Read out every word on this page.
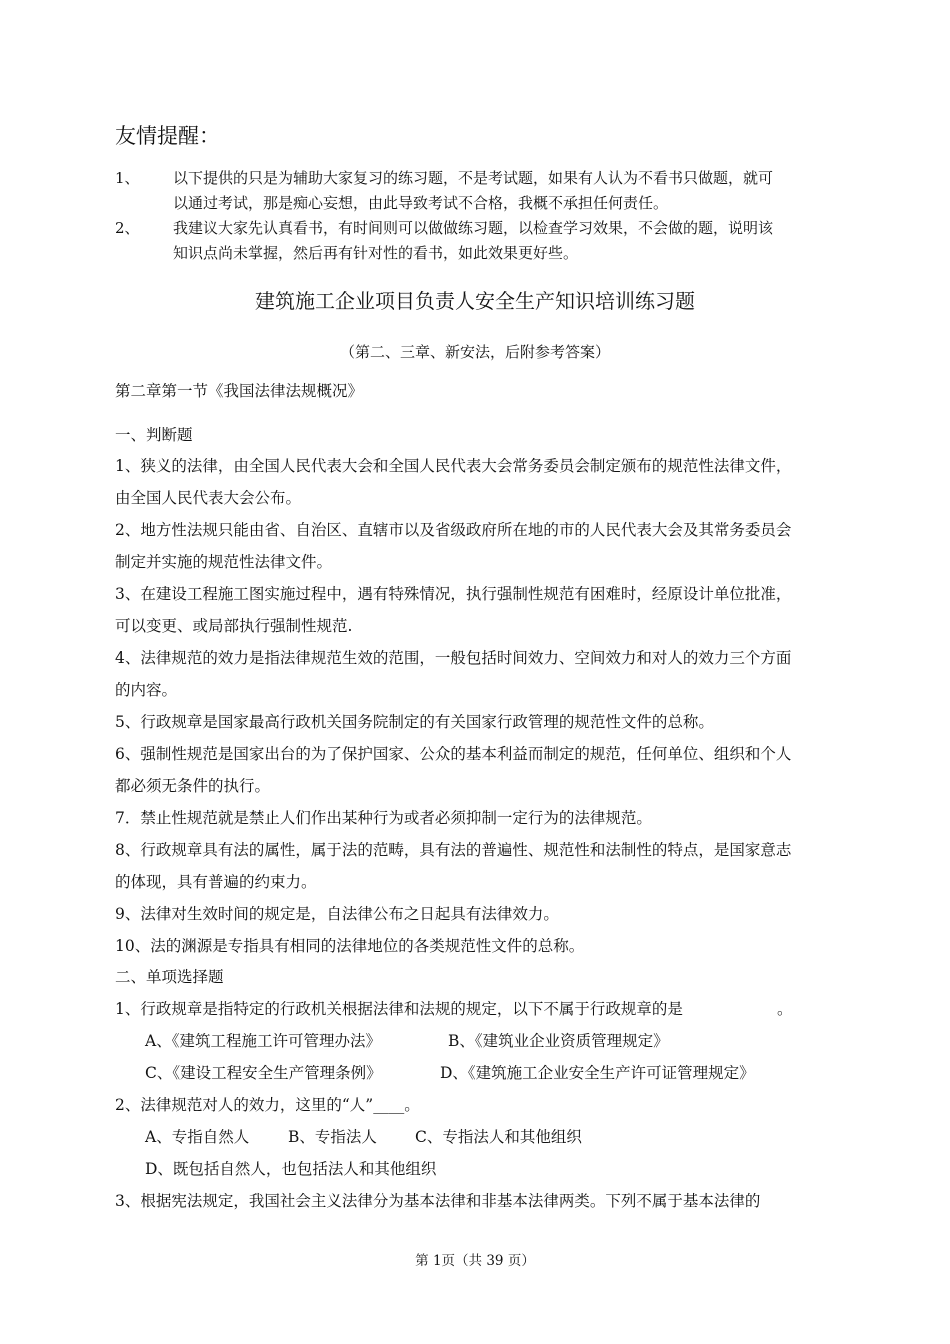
友情提醒：
1、 以下提供的只是为辅助大家复习的练习题，不是考试题，如果有人认为不看书只做题，就可
以通过考试，那是痴心妄想，由此导致考试不合格，我概不承担任何责任。
2、 我建议大家先认真看书，有时间则可以做做练习题，以检查学习效果，不会做的题，说明该
知识点尚未掌握，然后再有针对性的看书，如此效果更好些。
建筑施工企业项目负责人安全生产知识培训练习题
（第二、三章、新安法，后附参考答案）
第二章第一节《我国法律法规概况》
一、判断题
1、狭义的法律，由全国人民代表大会和全国人民代表大会常务委员会制定颁布的规范性法律文件，
由全国人民代表大会公布。
2、地方性法规只能由省、自治区、直辖市以及省级政府所在地的市的人民代表大会及其常务委员会
制定并实施的规范性法律文件。
3、在建设工程施工图实施过程中，遇有特殊情况，执行强制性规范有困难时，经原设计单位批准，
可以变更、或局部执行强制性规范.
4、法律规范的效力是指法律规范生效的范围，一般包括时间效力、空间效力和对人的效力三个方面
的内容。
5、行政规章是国家最高行政机关国务院制定的有关国家行政管理的规范性文件的总称。
6、强制性规范是国家出台的为了保护国家、公众的基本利益而制定的规范，任何单位、组织和个人
都必须无条件的执行。
7．禁止性规范就是禁止人们作出某种行为或者必须抑制一定行为的法律规范。
8、行政规章具有法的属性，属于法的范畴，具有法的普遍性、规范性和法制性的特点，是国家意志
的体现，具有普遍的约束力。
9、法律对生效时间的规定是，自法律公布之日起具有法律效力。
10、法的渊源是专指具有相同的法律地位的各类规范性文件的总称。
二、单项选择题
1、行政规章是指特定的行政机关根据法律和法规的规定，以下不属于行政规章的是	。
A、《建筑工程施工许可管理办法》	B、《建筑业企业资质管理规定》
C、《建设工程安全生产管理条例》	D、《建筑施工企业安全生产许可证管理规定》
2、法律规范对人的效力，这里的“人”____。
A、专指自然人	B、专指法人 C、专指法人和其他组织
D、既包括自然人，也包括法人和其他组织
3、根据宪法规定，我国社会主义法律分为基本法律和非基本法律两类。下列不属于基本法律的
第 1页（共 39 页）
